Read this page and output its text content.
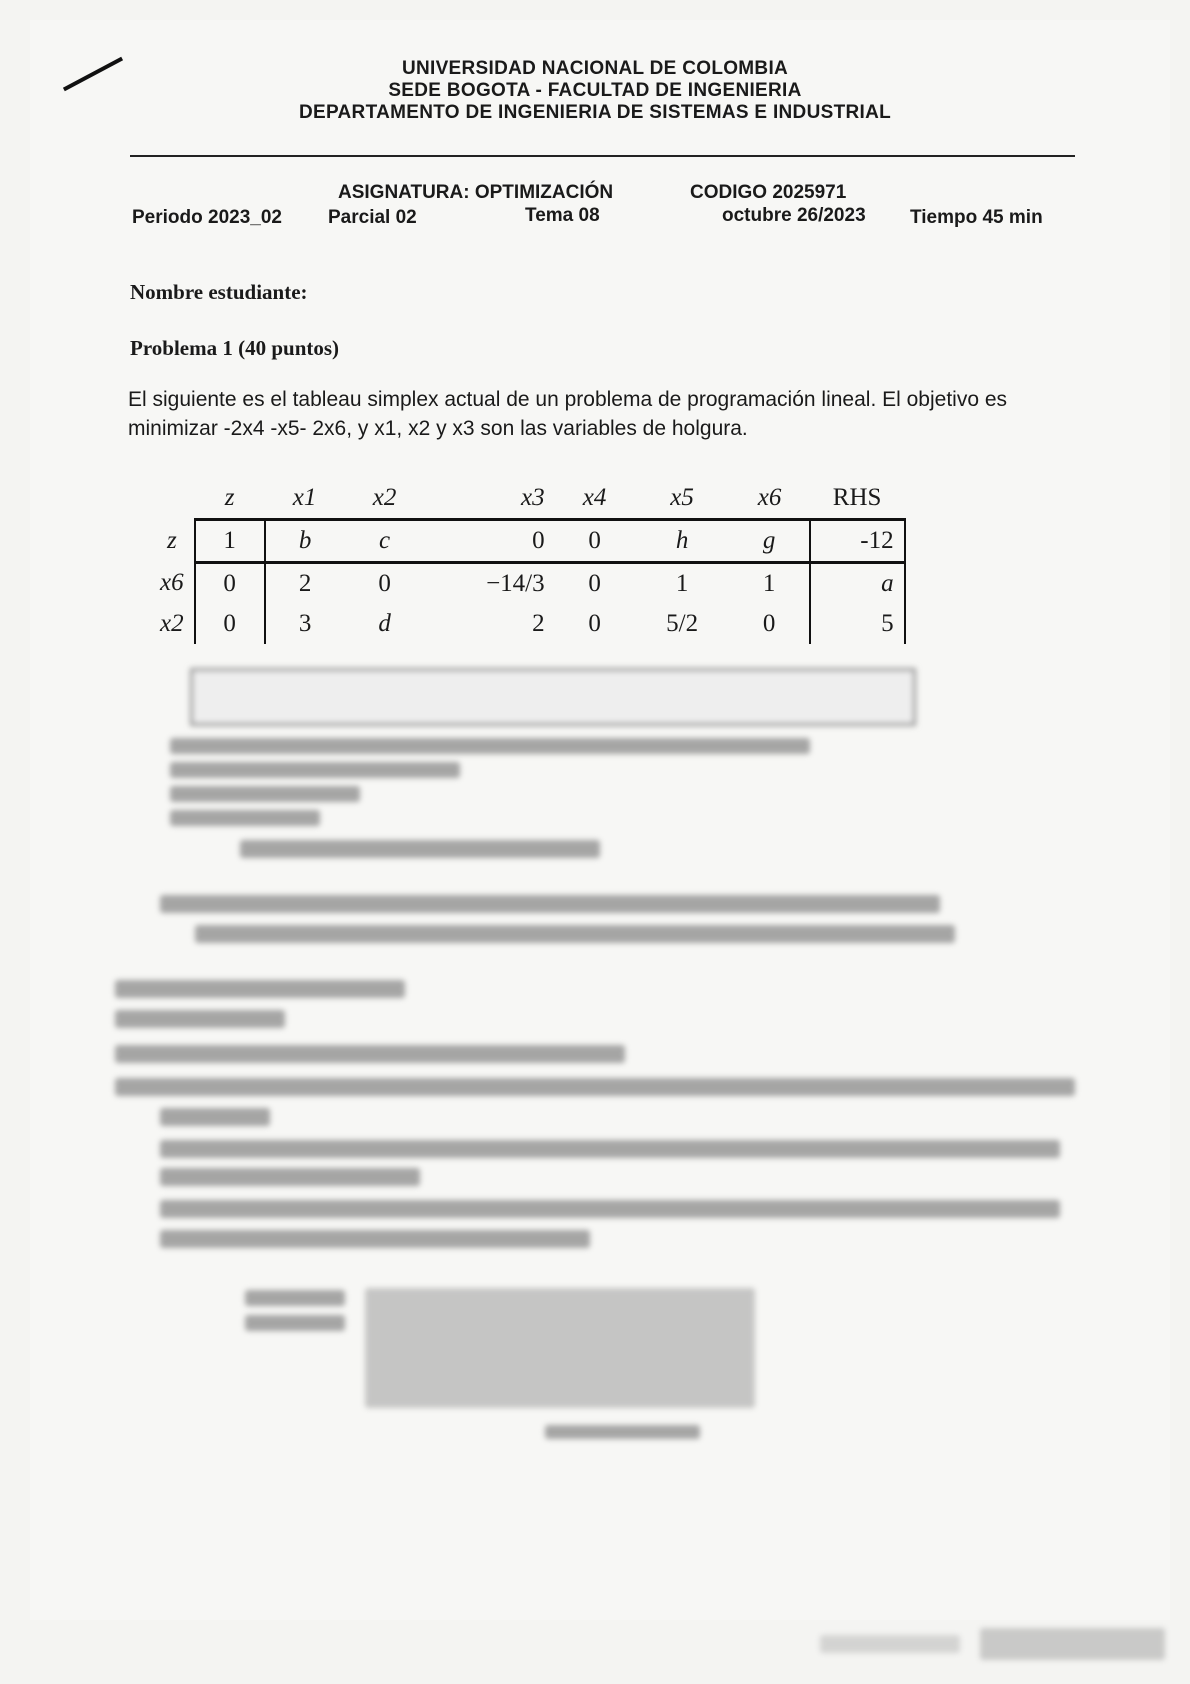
UNIVERSIDAD NACIONAL DE COLOMBIA
SEDE BOGOTA - FACULTAD DE INGENIERIA
DEPARTAMENTO DE INGENIERIA DE SISTEMAS E INDUSTRIAL
ASIGNATURA: OPTIMIZACIÓN	CODIGO 2025971
Periodo 2023_02 Parcial 02	Tema 08	octubre 26/2023 Tiempo 45 min
Nombre estudiante:
Problema 1 (40 puntos)
El siguiente es el tableau simplex actual de un problema de programación lineal. El objetivo es minimizar -2x4 -x5- 2x6, y x1, x2 y x3 son las variables de holgura.
	z	x1	x2	x3	x4	x5	x6	RHS
z	1	b	c	0	0	h	g	-12
x6	0	2	0	−14/3	0	1	1	a
x2	0	3	d	2	0	5/2	0	5
